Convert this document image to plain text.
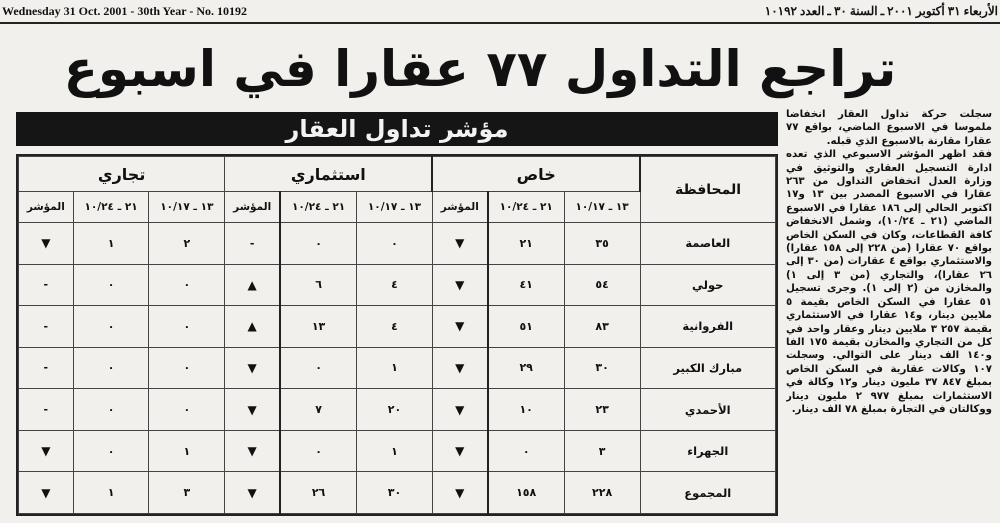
Wednesday 31 Oct. 2001 - 30th Year - No. 10192	الأربعاء ٣١ أكتوبر ٢٠٠١ ـ السنة ٣٠ ـ العدد ١٠١٩٢
تراجع التداول ٧٧ عقارا في اسبوع
مؤشر تداول العقار
المحافظة	خاص			استثماري			تجاري		
	١٣ ـ ١٠/١٧	٢١ ـ ١٠/٢٤	المؤشر	١٣ ـ ١٠/١٧	٢١ ـ ١٠/٢٤	المؤشر	١٣ ـ ١٠/١٧	٢١ ـ ١٠/٢٤	المؤشر
العاصمة	٣٥	٢١	▼	٠	٠	-	٢	١	▼
حولي	٥٤	٤١	▼	٤	٦	▲	٠	٠	-
الفروانية	٨٣	٥١	▼	٤	١٣	▲	٠	٠	-
مبارك الكبير	٣٠	٢٩	▼	١	٠	▼	٠	٠	-
الأحمدي	٢٣	١٠	▼	٢٠	٧	▼	٠	٠	-
الجهراء	٣	٠	▼	١	٠	▼	١	٠	▼
المجموع	٢٢٨	١٥٨	▼	٣٠	٢٦	▼	٣	١	▼

سجلت حركة تداول العقار انخفاضا ملموسا في الاسبوع الماضي، بواقع ٧٧ عقارا مقارنة بالاسبوع الذي قبله.

فقد اظهر المؤشر الاسبوعي الذي تعده ادارة التسجيل العقاري والتوثيق في وزارة العدل انخفاض التداول من ٢٦٣ عقارا في الاسبوع المصدر بين ١٣ و١٧ اكتوبر الحالي إلى ١٨٦ عقارا في الاسبوع الماضي (٢١ ـ ١٠/٢٤)، وشمل الانخفاض كافة القطاعات، وكان في السكن الخاص بواقع ٧٠ عقارا (من ٢٢٨ إلى ١٥٨ عقارا) والاستثماري بواقع ٤ عقارات (من ٣٠ إلى ٢٦ عقارا)، والتجاري (من ٣ إلى ١) والمخازن من (٢ إلى ١). وجرى تسجيل ٥١ عقارا في السكن الخاص بقيمة ٥ ملايين دينار، و١٤ عقارا في الاستثماري بقيمة ٢٥٧ ٣ ملايين دينار وعقار واحد في كل من التجاري والمخازن بقيمة ١٧٥ الفا و١٤٠ الف دينار على التوالي. وسجلت ١٠٧ وكالات عقارية في السكن الخاص بمبلغ ٨٤٧ ٣٧ مليون دينار و١٢ وكالة في الاستثمارات بمبلغ ٩٧٧ ٢ مليون دينار ووكالتان في التجارة بمبلغ ٧٨ الف دينار.
